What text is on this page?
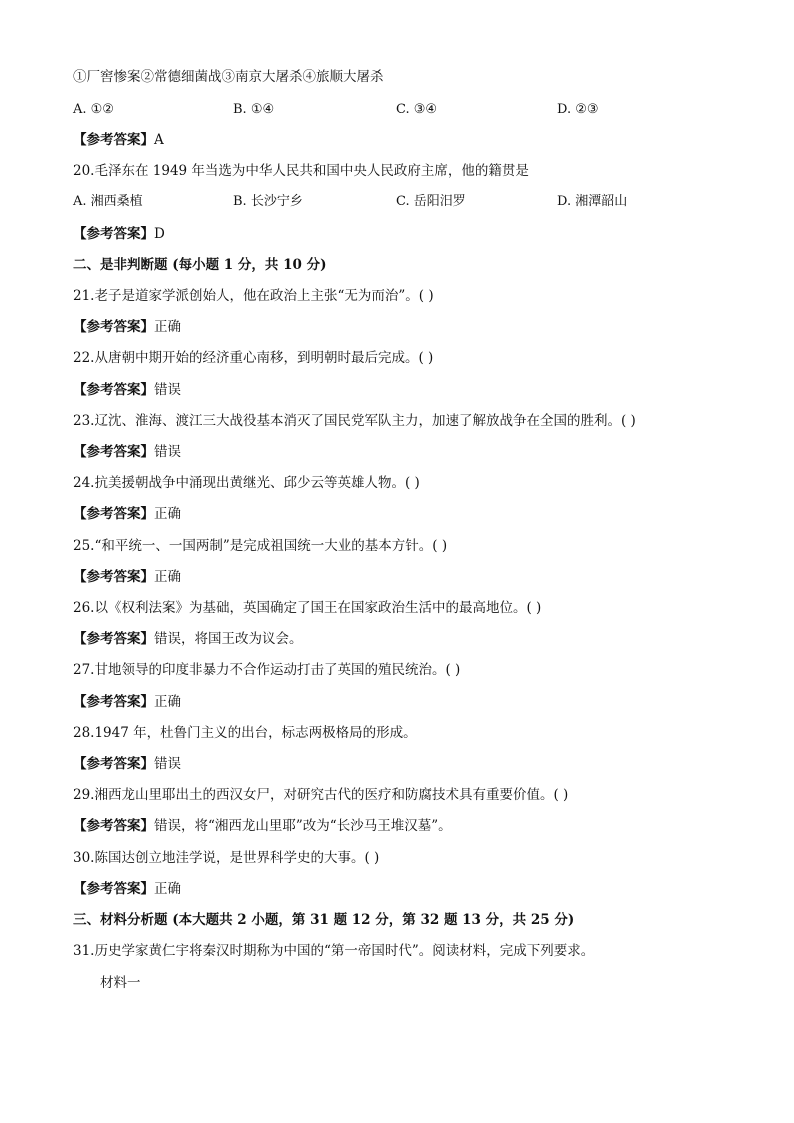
①厂窖惨案②常德细菌战③南京大屠杀④旅顺大屠杀
A. ①②	B. ①④	C. ③④	D. ②③
【参考答案】A
20.毛泽东在 1949 年当选为中华人民共和国中央人民政府主席，他的籍贯是
A. 湘西桑植	B. 长沙宁乡	C. 岳阳汨罗	D. 湘潭韶山
【参考答案】D
二、是非判断题 (每小题 1 分，共 10 分)
21.老子是道家学派创始人，他在政治上主张“无为而治”。( )
【参考答案】正确
22.从唐朝中期开始的经济重心南移，到明朝时最后完成。( )
【参考答案】错误
23.辽沈、淮海、渡江三大战役基本消灭了国民党军队主力，加速了解放战争在全国的胜利。( )
【参考答案】错误
24.抗美援朝战争中涌现出黄继光、邱少云等英雄人物。( )
【参考答案】正确
25.“和平统一、一国两制”是完成祖国统一大业的基本方针。( )
【参考答案】正确
26.以《权利法案》为基础，英国确定了国王在国家政治生活中的最高地位。( )
【参考答案】错误，将国王改为议会。
27.甘地领导的印度非暴力不合作运动打击了英国的殖民统治。( )
【参考答案】正确
28.1947 年，杜鲁门主义的出台，标志两极格局的形成。
【参考答案】错误
29.湘西龙山里耶出土的西汉女尸，对研究古代的医疗和防腐技术具有重要价值。( )
【参考答案】错误，将“湘西龙山里耶”改为“长沙马王堆汉墓”。
30.陈国达创立地洼学说，是世界科学史的大事。( )
【参考答案】正确
三、材料分析题 (本大题共 2 小题，第 31 题 12 分，第 32 题 13 分，共 25 分)
31.历史学家黄仁宇将秦汉时期称为中国的“第一帝国时代”。阅读材料，完成下列要求。
材料一
